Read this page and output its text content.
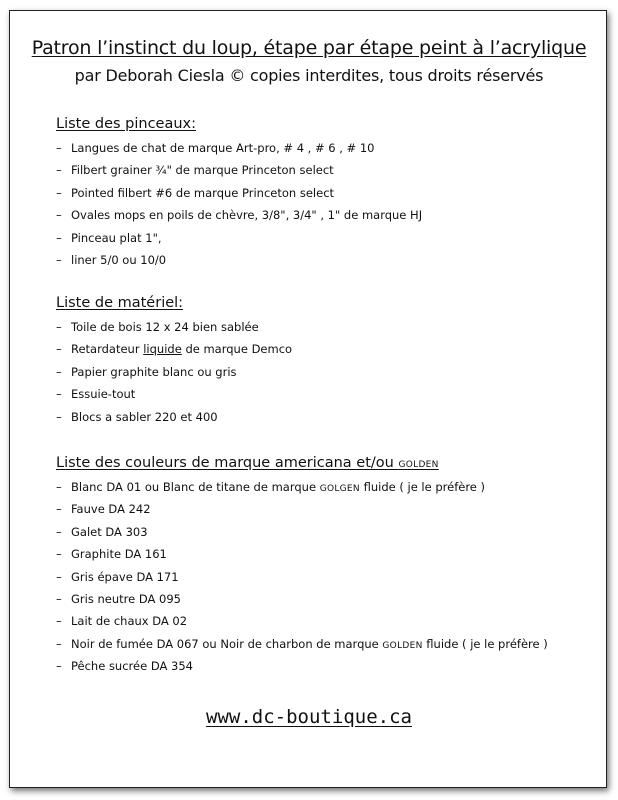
Patron l’instinct du loup, étape par étape peint à l’acrylique
par Deborah Ciesla © copies interdites, tous droits réservés
Liste des pinceaux:
– Langues de chat de marque Art-pro, # 4 , # 6 , # 10
– Filbert grainer ¾" de marque Princeton select
– Pointed filbert #6 de marque Princeton select
– Ovales mops en poils de chèvre, 3/8", 3/4" , 1" de marque HJ
– Pinceau plat 1",
– liner 5/0 ou 10/0
Liste de matériel:
– Toile de bois 12 x 24 bien sablée
– Retardateur liquide de marque Demco
– Papier graphite blanc ou gris
– Essuie-tout
– Blocs a sabler 220 et 400
Liste des couleurs de marque americana et/ou GOLDEN
– Blanc DA 01 ou Blanc de titane de marque GOLGEN fluide ( je le préfère )
– Fauve DA 242
– Galet DA 303
– Graphite DA 161
– Gris épave DA 171
– Gris neutre DA 095
– Lait de chaux DA 02
– Noir de fumée DA 067 ou Noir de charbon de marque GOLDEN fluide ( je le préfère )
– Pêche sucrée DA 354
www.dc-boutique.ca
